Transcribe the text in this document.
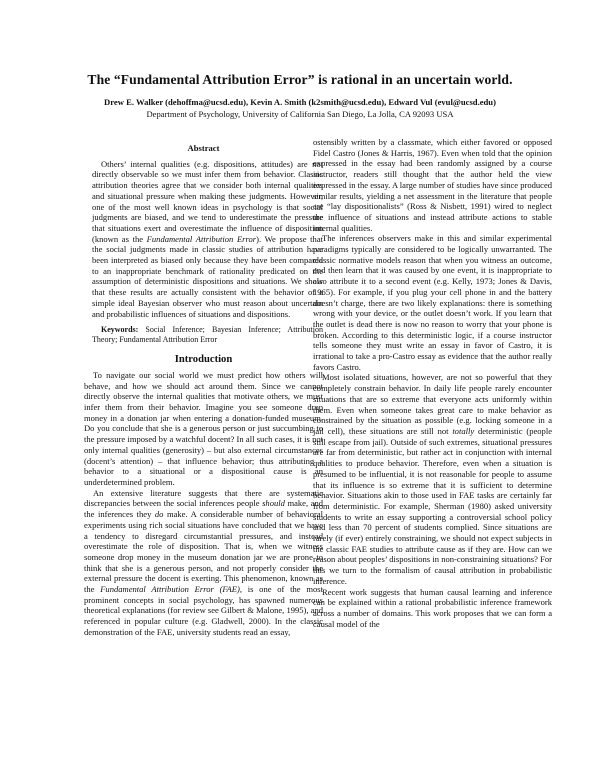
The “Fundamental Attribution Error” is rational in an uncertain world.
Drew E. Walker (dehoffma@ucsd.edu), Kevin A. Smith (k2smith@ucsd.edu), Edward Vul (evul@ucsd.edu)
Department of Psychology, University of California San Diego, La Jolla, CA 92093 USA
Abstract

Others’ internal qualities (e.g. dispositions, attitudes) are not directly observable so we must infer them from behavior. Classic attribution theories agree that we consider both internal qualities and situational pressure when making these judgments. However, one of the most well known ideas in psychology is that social judgments are biased, and we tend to underestimate the pressure that situations exert and overestimate the influence of disposition (known as the Fundamental Attribution Error). We propose that the social judgments made in classic studies of attribution have been interpreted as biased only because they have been compared to an inappropriate benchmark of rationality predicated on the assumption of deterministic dispositions and situations. We show that these results are actually consistent with the behavior of a simple ideal Bayesian observer who must reason about uncertain and probabilistic influences of situations and dispositions.

Keywords: Social Inference; Bayesian Inference; Attribution Theory; Fundamental Attribution Error
Introduction

To navigate our social world we must predict how others will behave, and how we should act around them. Since we cannot directly observe the internal qualities that motivate others, we must infer them from their behavior. Imagine you see someone drop money in a donation jar when entering a donation-funded museum. Do you conclude that she is a generous person or just succumbing to the pressure imposed by a watchful docent? In all such cases, it is not only internal qualities (generosity) – but also external circumstances (docent’s attention) – that influence behavior; thus attributing a behavior to a situational or a dispositional cause is an underdetermined problem.

An extensive literature suggests that there are systematic discrepancies between the social inferences people should make, and the inferences they do make. A considerable number of behavioral experiments using rich social situations have concluded that we have a tendency to disregard circumstantial pressures, and instead overestimate the role of disposition. That is, when we witness someone drop money in the museum donation jar we are prone to think that she is a generous person, and not properly consider the external pressure the docent is exerting. This phenomenon, known as the Fundamental Attribution Error (FAE), is one of the most prominent concepts in social psychology, has spawned numerous theoretical explanations (for review see Gilbert & Malone, 1995), and referenced in popular culture (e.g. Gladwell, 2000). In the classic demonstration of the FAE, university students read an essay,

ostensibly written by a classmate, which either favored or opposed Fidel Castro (Jones & Harris, 1967). Even when told that the opinion expressed in the essay had been randomly assigned by a course instructor, readers still thought that the author held the view expressed in the essay. A large number of studies have since produced similar results, yielding a net assessment in the literature that people are “lay dispositionalists” (Ross & Nisbett, 1991) wired to neglect the influence of situations and instead attribute actions to stable internal qualities.

The inferences observers make in this and similar experimental paradigms typically are considered to be logically unwarranted. The classic normative models reason that when you witness an outcome, and then learn that it was caused by one event, it is inappropriate to also attribute it to a second event (e.g. Kelly, 1973; Jones & Davis, 1965). For example, if you plug your cell phone in and the battery doesn’t charge, there are two likely explanations: there is something wrong with your device, or the outlet doesn’t work. If you learn that the outlet is dead there is now no reason to worry that your phone is broken. According to this deterministic logic, if a course instructor tells someone they must write an essay in favor of Castro, it is irrational to take a pro-Castro essay as evidence that the author really favors Castro.

Most isolated situations, however, are not so powerful that they completely constrain behavior. In daily life people rarely encounter situations that are so extreme that everyone acts uniformly within them. Even when someone takes great care to make behavior as constrained by the situation as possible (e.g. locking someone in a jail cell), these situations are still not totally deterministic (people still escape from jail). Outside of such extremes, situational pressures are far from deterministic, but rather act in conjunction with internal qualities to produce behavior. Therefore, even when a situation is presumed to be influential, it is not reasonable for people to assume that its influence is so extreme that it is sufficient to determine behavior. Situations akin to those used in FAE tasks are certainly far from deterministic. For example, Sherman (1980) asked university students to write an essay supporting a controversial school policy and less than 70 percent of students complied. Since situations are rarely (if ever) entirely constraining, we should not expect subjects in the classic FAE studies to attribute cause as if they are. How can we reason about peoples’ dispositions in non-constraining situations? For this we turn to the formalism of causal attribution in probabilistic inference.

Recent work suggests that human causal learning and inference can be explained within a rational probabilistic inference framework across a number of domains. This work proposes that we can form a causal model of the
